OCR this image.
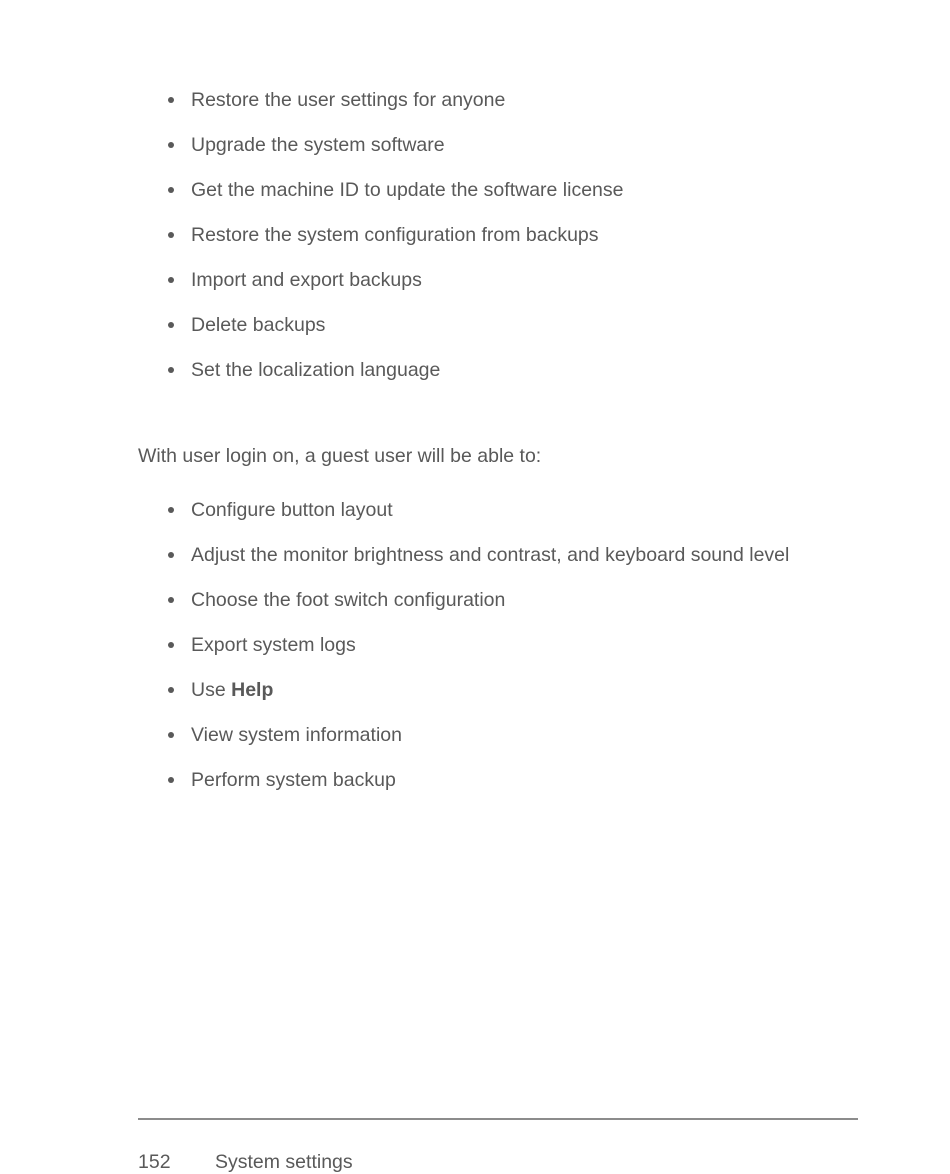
Restore the user settings for anyone
Upgrade the system software
Get the machine ID to update the software license
Restore the system configuration from backups
Import and export backups
Delete backups
Set the localization language

With user login on, a guest user will be able to:

Configure button layout
Adjust the monitor brightness and contrast, and keyboard sound level
Choose the foot switch configuration
Export system logs
Use Help
View system information
Perform system backup
152 System settings
